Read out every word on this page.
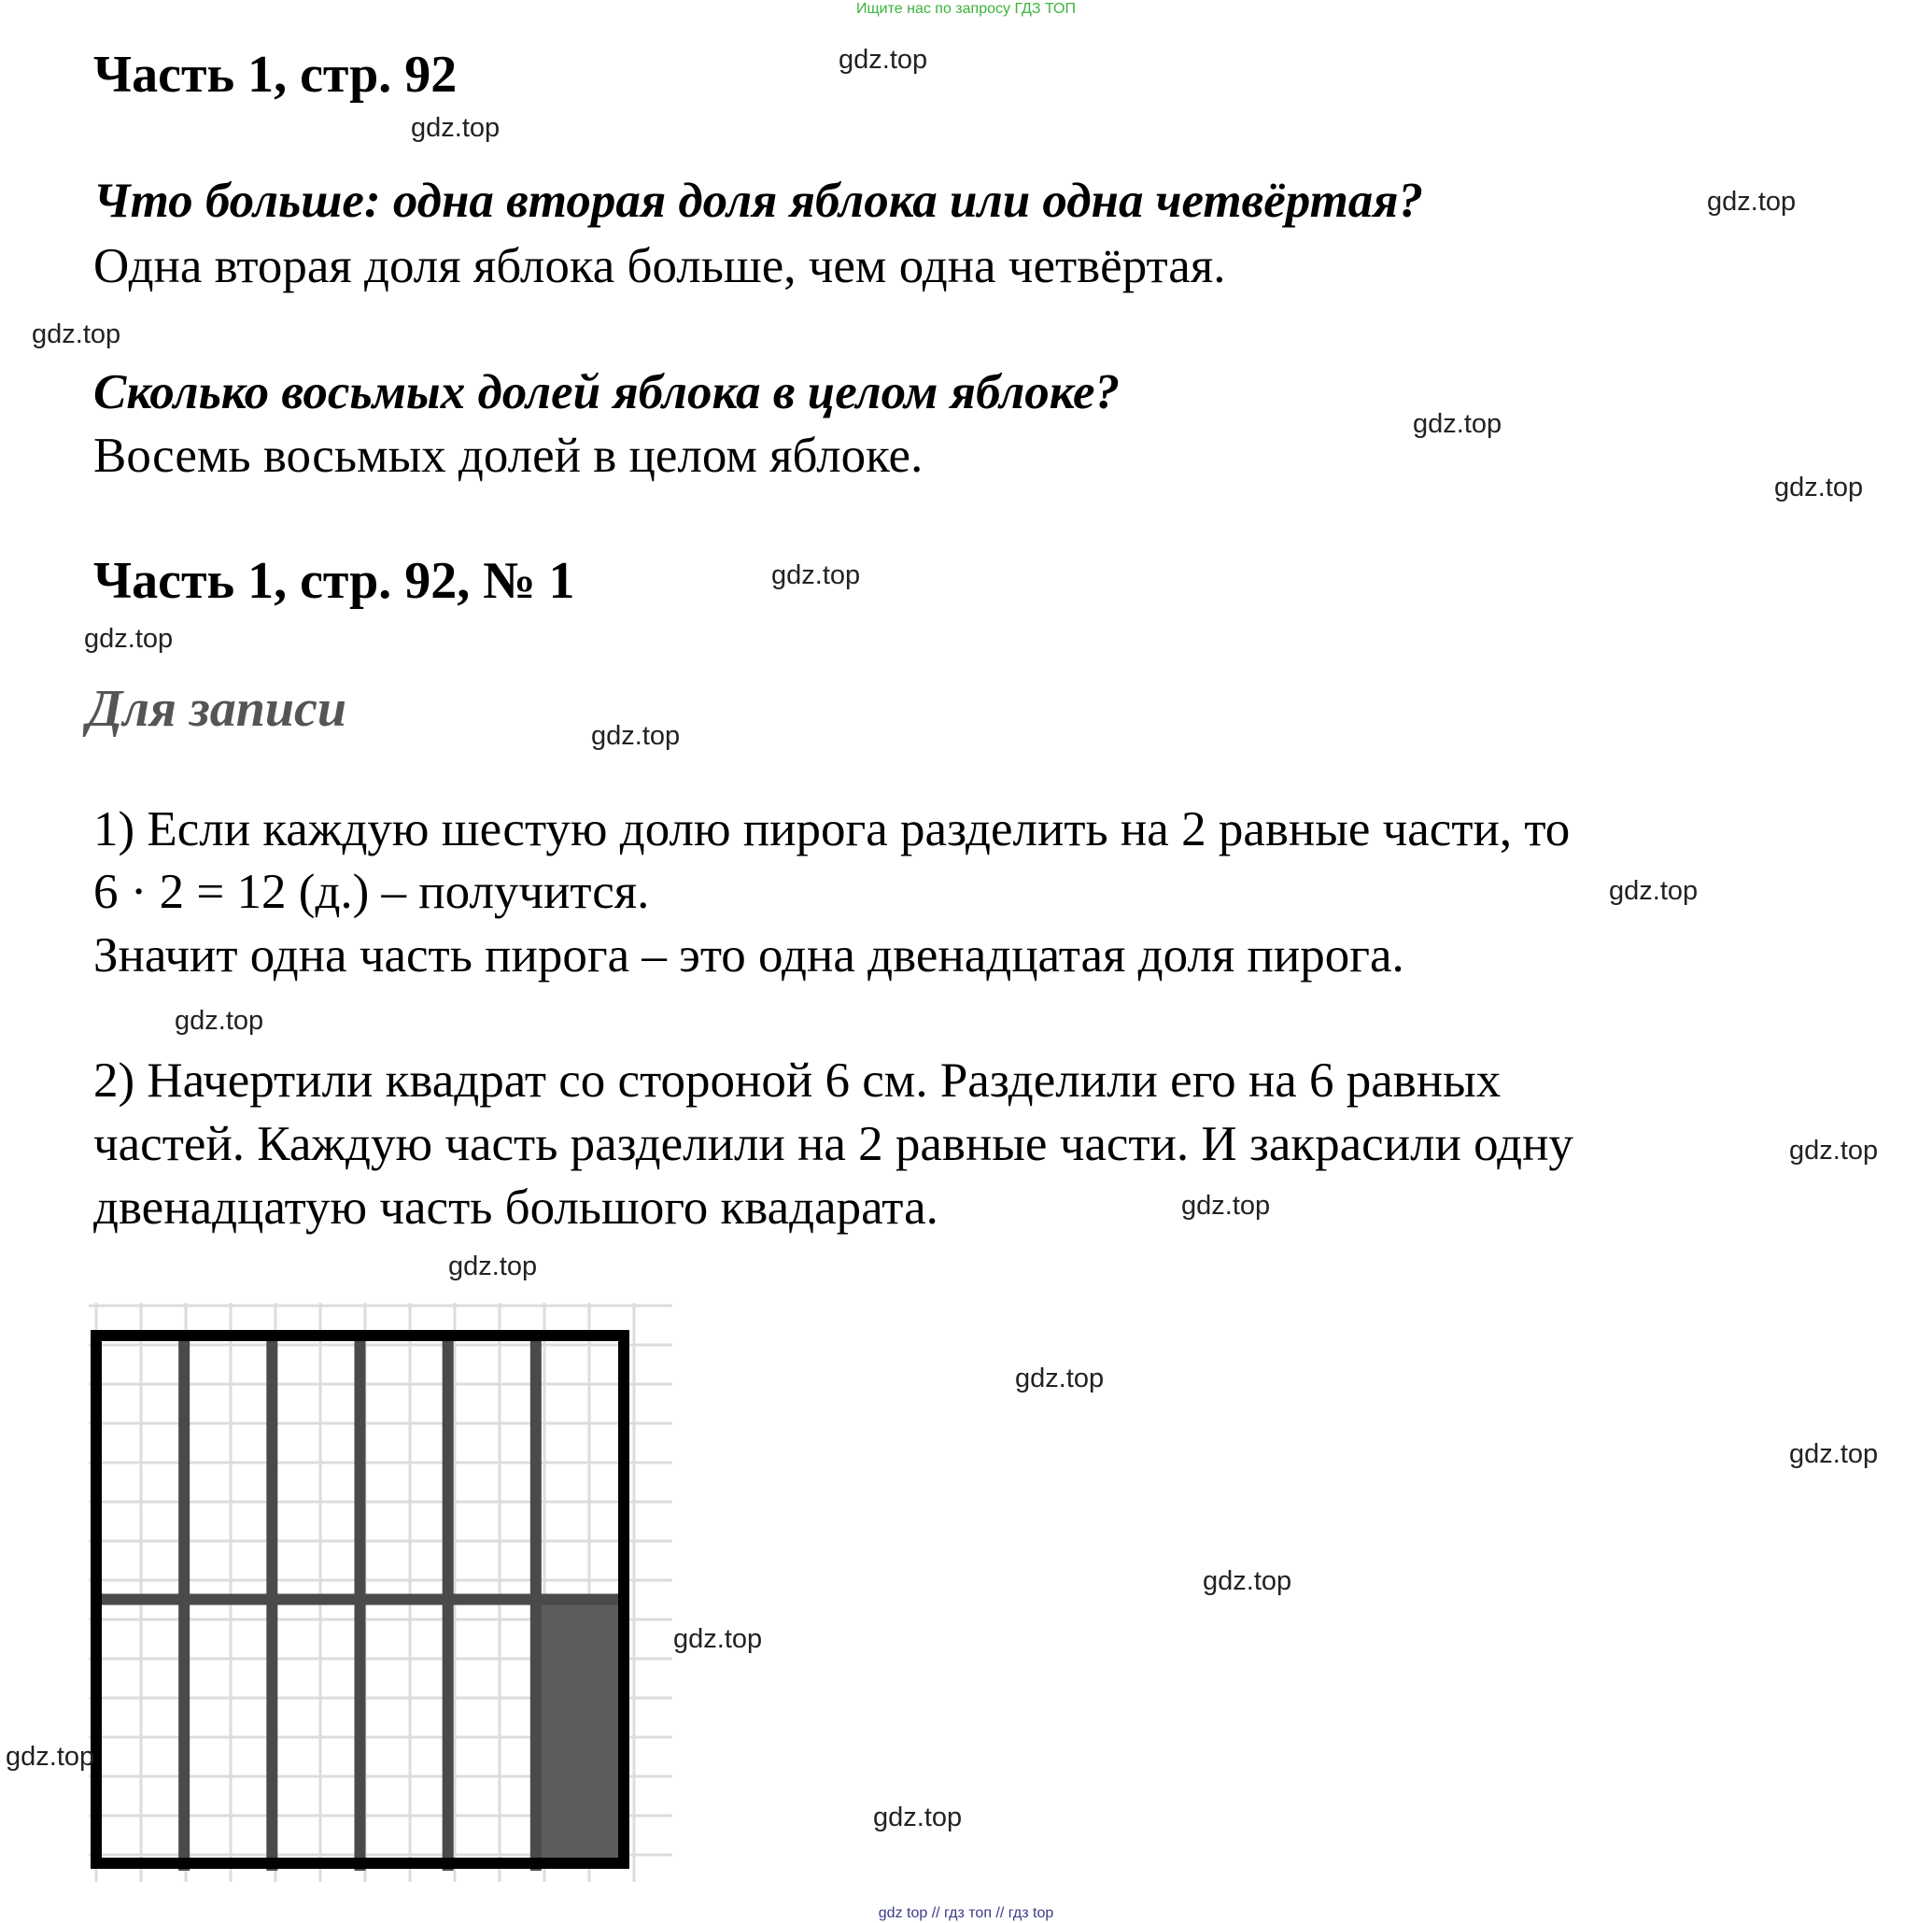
Ищите нас по запросу ГДЗ ТОП
Часть 1, стр. 92
Что больше: одна вторая доля яблока или одна четвёртая?
Одна вторая доля яблока больше, чем одна четвёртая.
Сколько восьмых долей яблока в целом яблоке?
Восемь восьмых долей в целом яблоке.
Часть 1, стр. 92, № 1
Для записи
1) Если каждую шестую долю пирога разделить на 2 равные части, то
6 · 2 = 12 (д.) – получится.
Значит одна часть пирога – это одна двенадцатая доля пирога.
2) Начертили квадрат со стороной 6 см. Разделили его на 6 равных
частей. Каждую часть разделили на 2 равные части. И закрасили одну
двенадцатую часть большого квадарата.
gdz.top
gdz.top
gdz.top
gdz.top
gdz.top
gdz.top
gdz.top
gdz.top
gdz.top
gdz.top
gdz.top
gdz.top
gdz.top
gdz.top
gdz.top
gdz.top
gdz.top
gdz.top
gdz.top
gdz.top
gdz top // гдз топ // гдз top
